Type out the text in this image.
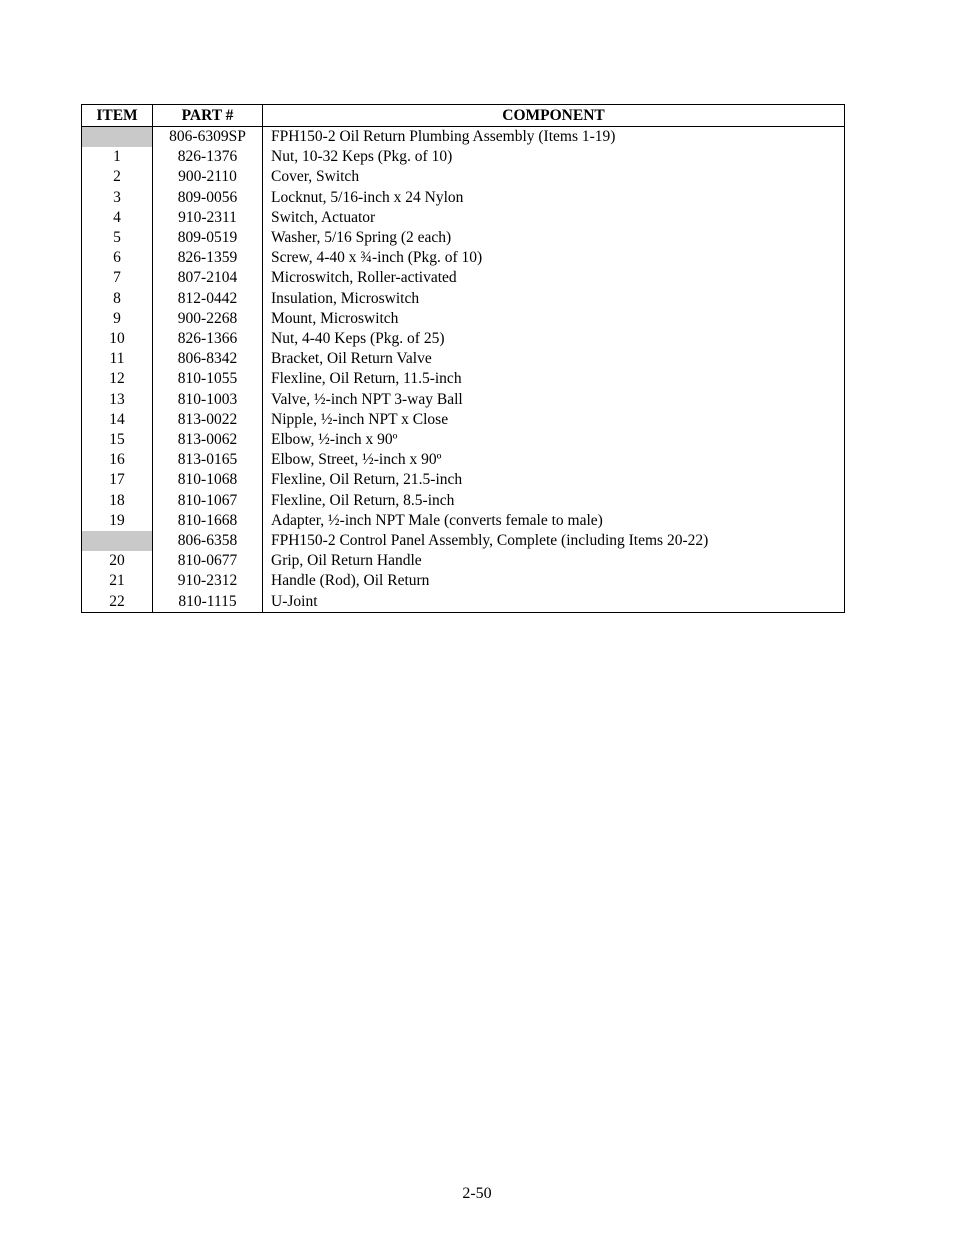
ITEM	PART #	COMPONENT
	806-6309SP	FPH150-2 Oil Return Plumbing Assembly (Items 1-19)
1	826-1376	Nut, 10-32 Keps (Pkg. of 10)
2	900-2110	Cover, Switch
3	809-0056	Locknut, 5/16-inch x 24 Nylon
4	910-2311	Switch, Actuator
5	809-0519	Washer, 5/16 Spring (2 each)
6	826-1359	Screw, 4-40 x ¾-inch (Pkg. of 10)
7	807-2104	Microswitch, Roller-activated
8	812-0442	Insulation, Microswitch
9	900-2268	Mount, Microswitch
10	826-1366	Nut, 4-40 Keps (Pkg. of 25)
11	806-8342	Bracket, Oil Return Valve
12	810-1055	Flexline, Oil Return, 11.5-inch
13	810-1003	Valve, ½-inch NPT 3-way Ball
14	813-0022	Nipple, ½-inch NPT x Close
15	813-0062	Elbow, ½-inch x 90º
16	813-0165	Elbow, Street, ½-inch x 90º
17	810-1068	Flexline, Oil Return, 21.5-inch
18	810-1067	Flexline, Oil Return, 8.5-inch
19	810-1668	Adapter, ½-inch NPT Male (converts female to male)
	806-6358	FPH150-2 Control Panel Assembly, Complete (including Items 20-22)
20	810-0677	Grip, Oil Return Handle
21	910-2312	Handle (Rod), Oil Return
22	810-1115	U-Joint
2-50
